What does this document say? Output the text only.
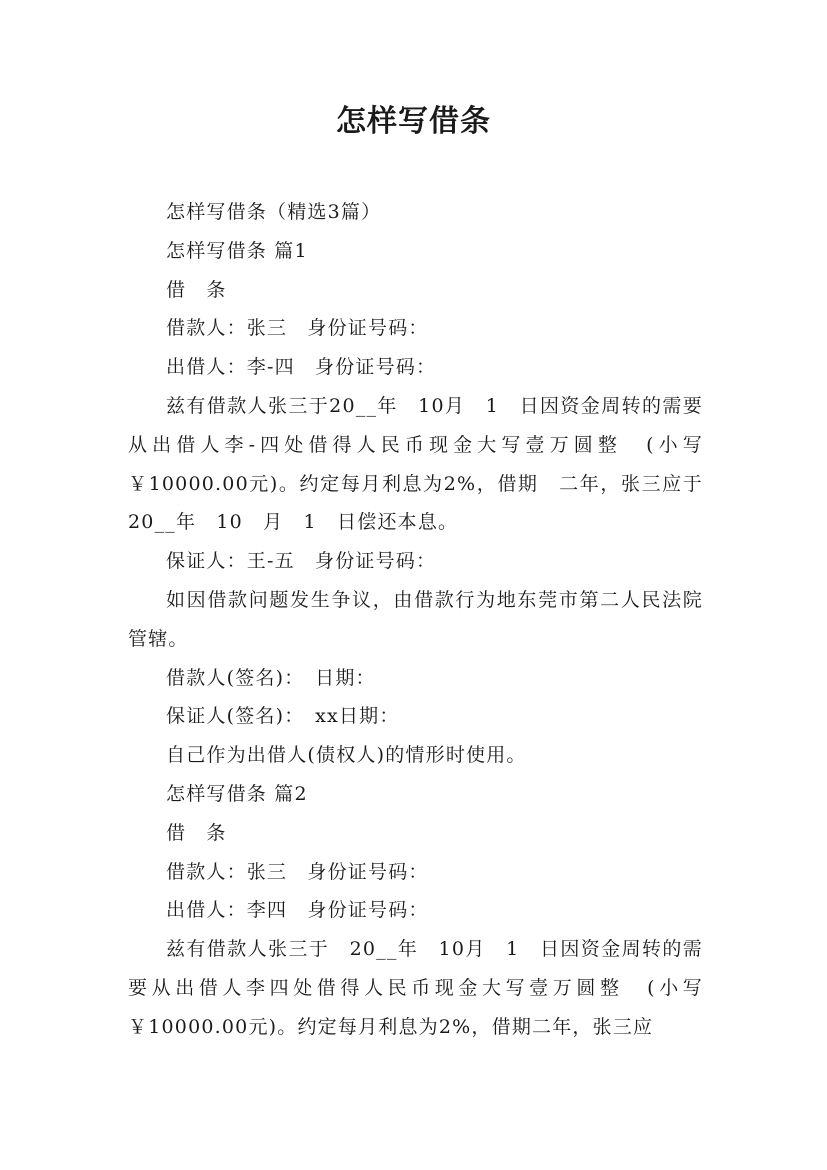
怎样写借条

怎样写借条（精选3篇）

怎样写借条 篇1

借　条

借款人：张三　身份证号码：

出借人：李-四　身份证号码：

兹有借款人张三于20__年　10月　1　日因资金周转的需要从出借人李-四处借得人民币现金大写壹万圆整　(小写￥10000.00元)。约定每月利息为2%，借期　二年，张三应于20__年　10　月　1　日偿还本息。

保证人：王-五　身份证号码：

如因借款问题发生争议，由借款行为地东莞市第二人民法院管辖。

借款人(签名)：　日期：

保证人(签名)：　xx日期：

自己作为出借人(债权人)的情形时使用。

怎样写借条 篇2

借　条

借款人：张三　身份证号码：

出借人：李四　身份证号码：

兹有借款人张三于　20__年　10月　1　日因资金周转的需要从出借人李四处借得人民币现金大写壹万圆整　(小写￥10000.00元)。约定每月利息为2%，借期二年，张三应
